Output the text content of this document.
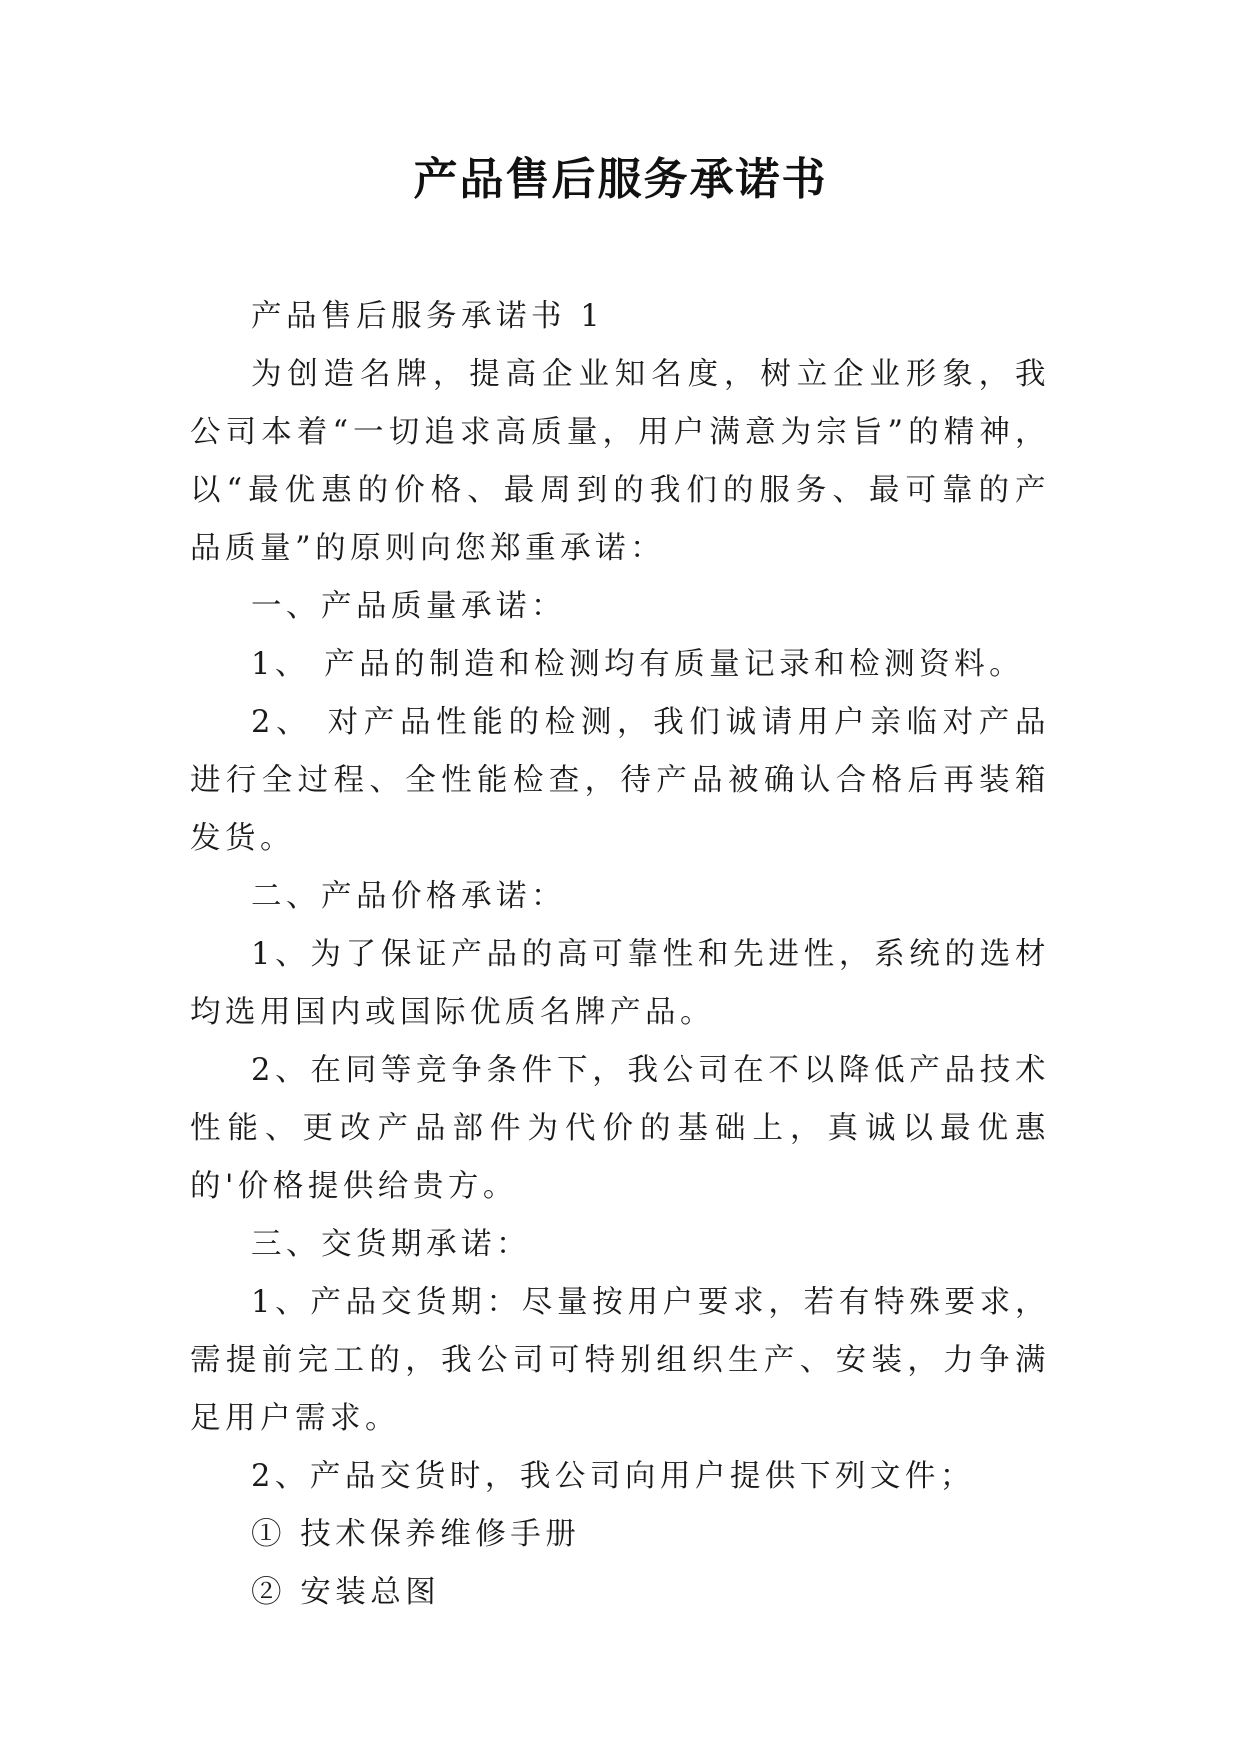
产品售后服务承诺书

产品售后服务承诺书 1

为创造名牌，提高企业知名度，树立企业形象，我公司本着“一切追求高质量，用户满意为宗旨”的精神，以“最优惠的价格、最周到的我们的服务、最可靠的产品质量”的原则向您郑重承诺：

一、产品质量承诺：

1、 产品的制造和检测均有质量记录和检测资料。

2、 对产品性能的检测，我们诚请用户亲临对产品进行全过程、全性能检查，待产品被确认合格后再装箱发货。

二、产品价格承诺：

1、为了保证产品的高可靠性和先进性，系统的选材均选用国内或国际优质名牌产品。

2、在同等竞争条件下，我公司在不以降低产品技术性能、更改产品部件为代价的基础上，真诚以最优惠的'价格提供给贵方。

三、交货期承诺：

1、产品交货期：尽量按用户要求，若有特殊要求，需提前完工的，我公司可特别组织生产、安装，力争满足用户需求。

2、产品交货时，我公司向用户提供下列文件；

① 技术保养维修手册

② 安装总图
